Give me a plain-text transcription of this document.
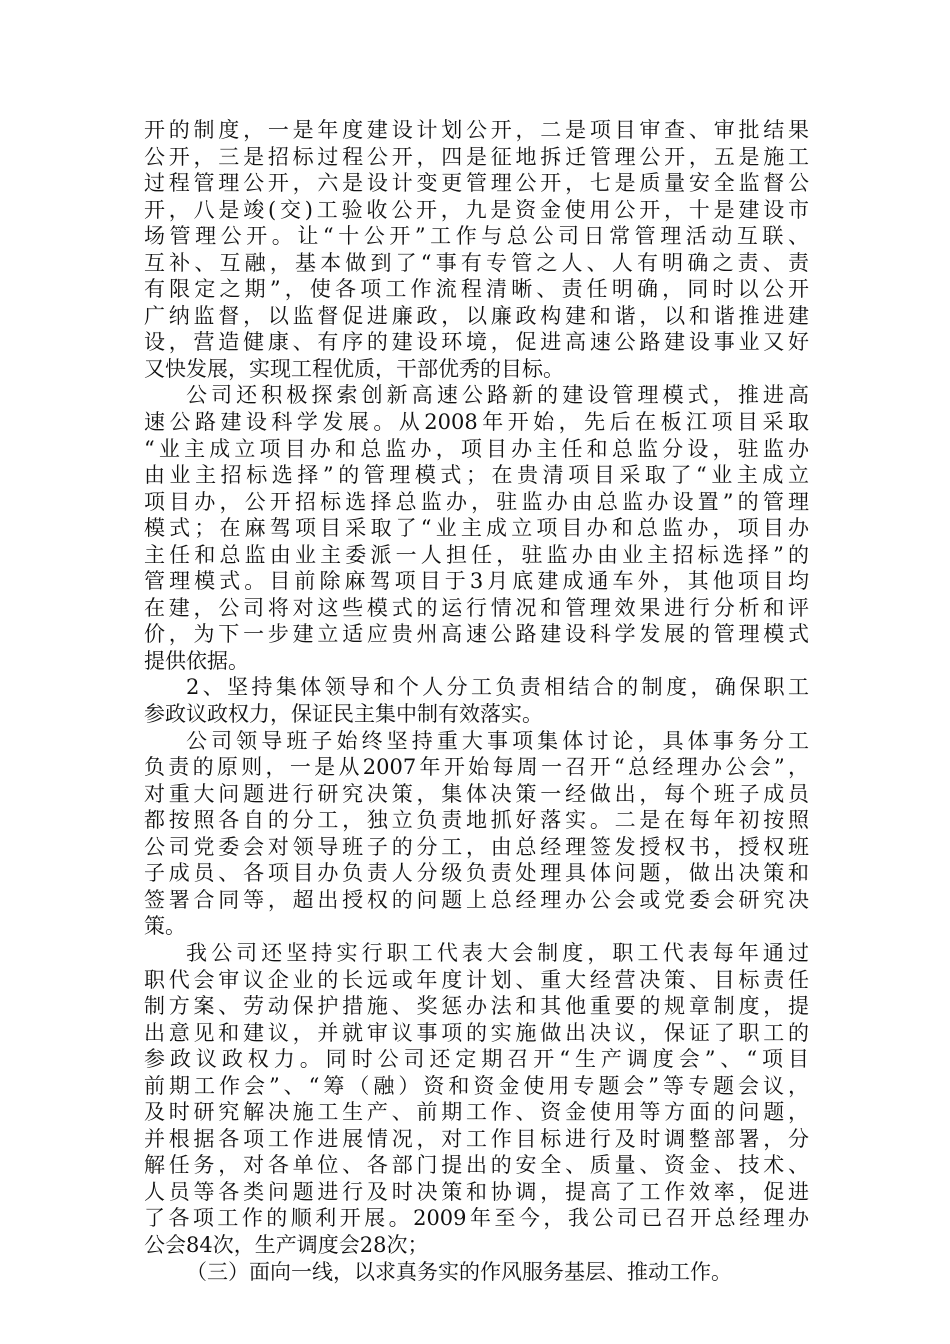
开的制度，一是年度建设计划公开，二是项目审查、审批结果
公开，三是招标过程公开，四是征地拆迁管理公开，五是施工
过程管理公开，六是设计变更管理公开，七是质量安全监督公
开，八是竣(交)工验收公开，九是资金使用公开，十是建设市
场管理公开。让“十公开”工作与总公司日常管理活动互联、
互补、互融，基本做到了“事有专管之人、人有明确之责、责
有限定之期”，使各项工作流程清晰、责任明确，同时以公开
广纳监督，以监督促进廉政，以廉政构建和谐，以和谐推进建
设，营造健康、有序的建设环境，促进高速公路建设事业又好
又快发展，实现工程优质，干部优秀的目标。
公司还积极探索创新高速公路新的建设管理模式，推进高
速公路建设科学发展。从2008年开始，先后在板江项目采取
“业主成立项目办和总监办，项目办主任和总监分设，驻监办
由业主招标选择”的管理模式；在贵清项目采取了“业主成立
项目办，公开招标选择总监办，驻监办由总监办设置”的管理
模式；在麻驾项目采取了“业主成立项目办和总监办，项目办
主任和总监由业主委派一人担任，驻监办由业主招标选择”的
管理模式。目前除麻驾项目于3月底建成通车外，其他项目均
在建，公司将对这些模式的运行情况和管理效果进行分析和评
价，为下一步建立适应贵州高速公路建设科学发展的管理模式
提供依据。
2、坚持集体领导和个人分工负责相结合的制度，确保职工
参政议政权力，保证民主集中制有效落实。
公司领导班子始终坚持重大事项集体讨论，具体事务分工
负责的原则，一是从2007年开始每周一召开“总经理办公会”，
对重大问题进行研究决策，集体决策一经做出，每个班子成员
都按照各自的分工，独立负责地抓好落实。二是在每年初按照
公司党委会对领导班子的分工，由总经理签发授权书，授权班
子成员、各项目办负责人分级负责处理具体问题，做出决策和
签署合同等，超出授权的问题上总经理办公会或党委会研究决
策。
我公司还坚持实行职工代表大会制度，职工代表每年通过
职代会审议企业的长远或年度计划、重大经营决策、目标责任
制方案、劳动保护措施、奖惩办法和其他重要的规章制度，提
出意见和建议，并就审议事项的实施做出决议，保证了职工的
参政议政权力。同时公司还定期召开“生产调度会”、“项目
前期工作会”、“筹（融）资和资金使用专题会”等专题会议，
及时研究解决施工生产、前期工作、资金使用等方面的问题，
并根据各项工作进展情况，对工作目标进行及时调整部署，分
解任务，对各单位、各部门提出的安全、质量、资金、技术、
人员等各类问题进行及时决策和协调，提高了工作效率，促进
了各项工作的顺利开展。2009年至今，我公司已召开总经理办
公会84次，生产调度会28次；
（三）面向一线，以求真务实的作风服务基层、推动工作。
